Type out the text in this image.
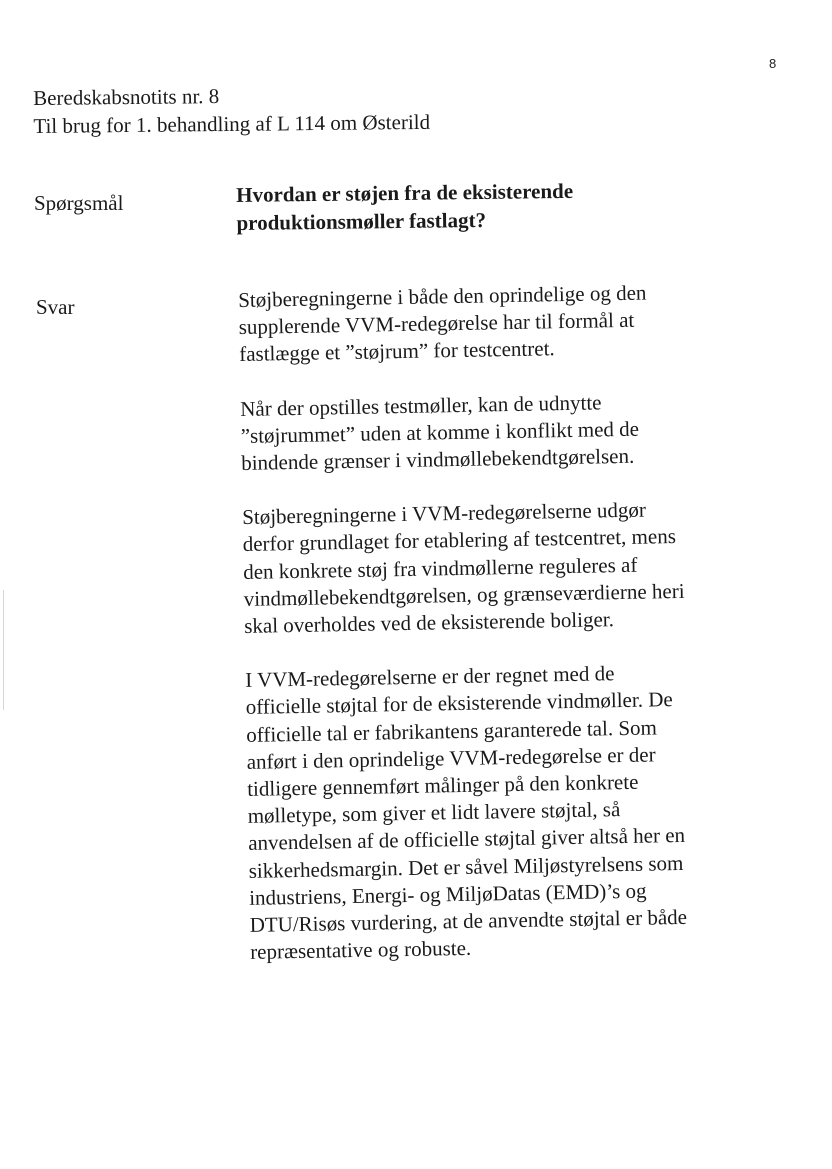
8
Beredskabsnotits nr. 8
Til brug for 1. behandling af L 114 om Østerild
Spørgsmål	Hvordan er støjen fra de eksisterende
produktionsmøller fastlagt?
Svar	Støjberegningerne i både den oprindelige og den
supplerende VVM-redegørelse har til formål at
fastlægge et ”støjrum” for testcentret.

Når der opstilles testmøller, kan de udnytte
”støjrummet” uden at komme i konflikt med de
bindende grænser i vindmøllebekendtgørelsen.

Støjberegningerne i VVM-redegørelserne udgør
derfor grundlaget for etablering af testcentret, mens
den konkrete støj fra vindmøllerne reguleres af
vindmøllebekendtgørelsen, og grænseværdierne heri
skal overholdes ved de eksisterende boliger.

I VVM-redegørelserne er der regnet med de
officielle støjtal for de eksisterende vindmøller. De
officielle tal er fabrikantens garanterede tal. Som
anført i den oprindelige VVM-redegørelse er der
tidligere gennemført målinger på den konkrete
mølletype, som giver et lidt lavere støjtal, så
anvendelsen af de officielle støjtal giver altså her en
sikkerhedsmargin. Det er såvel Miljøstyrelsens som
industriens, Energi- og MiljøDatas (EMD)’s og
DTU/Risøs vurdering, at de anvendte støjtal er både
repræsentative og robuste.
